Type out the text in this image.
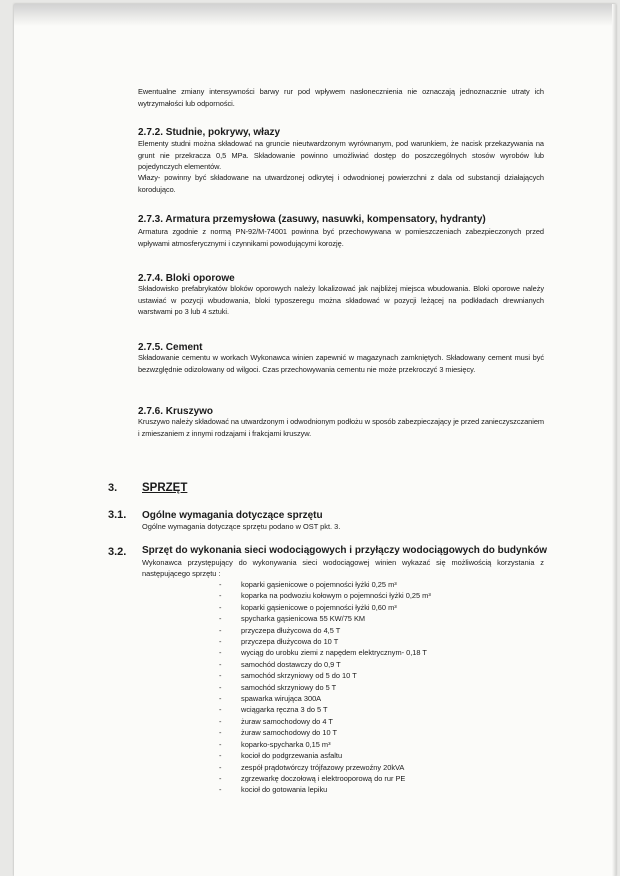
Ewentualne zmiany intensywności barwy rur pod wpływem nasłonecznienia nie oznaczają jednoznacznie utraty ich wytrzymałości lub odporności.

2.7.2. Studnie, pokrywy, włazy

Elementy studni można składować na gruncie nieutwardzonym wyrównanym, pod warunkiem, że nacisk przekazywania na grunt nie przekracza 0,5 MPa. Składowanie powinno umożliwiać dostęp do poszczególnych stosów wyrobów lub pojedynczych elementów.

Włazy- powinny być składowane na utwardzonej odkrytej i odwodnionej powierzchni z dala od substancji działających korodująco.

2.7.3. Armatura przemysłowa (zasuwy, nasuwki, kompensatory, hydranty)

Armatura zgodnie z normą PN-92/M-74001 powinna być przechowywana w pomieszczeniach zabezpieczonych przed wpływami atmosferycznymi i czynnikami powodującymi korozję.

2.7.4. Bloki oporowe

Składowisko prefabrykatów bloków oporowych należy lokalizować jak najbliżej miejsca wbudowania. Bloki oporowe należy ustawiać w pozycji wbudowania, bloki typoszeregu można składować w pozycji leżącej na podkładach drewnianych warstwami po 3 lub 4 sztuki.

2.7.5. Cement

Składowanie cementu w workach Wykonawca winien zapewnić w magazynach zamkniętych. Składowany cement musi być bezwzględnie odizolowany od wilgoci. Czas przechowywania cementu nie może przekroczyć 3 miesięcy.

2.7.6. Kruszywo

Kruszywo należy składować na utwardzonym i odwodnionym podłożu w sposób zabezpieczający je przed zanieczyszczaniem i zmieszaniem z innymi rodzajami i frakcjami kruszyw.

3. SPRZĘT
3.1. Ogólne wymagania dotyczące sprzętu

Ogólne wymagania dotyczące sprzętu podano w OST pkt. 3.

3.2. Sprzęt do wykonania sieci wodociągowych i przyłączy wodociągowych do budynków

Wykonawca przystępujący do wykonywania sieci wodociągowej winien wykazać się możliwością korzystania z następującego sprzętu :

-	koparki gąsienicowe o pojemności łyżki 0,25 m³
-	koparka na podwoziu kołowym o pojemności łyżki 0,25 m³
-	koparki gąsienicowe o pojemności łyżki 0,60 m³
-	spycharka gąsienicowa 55 KW/75 KM
-	przyczepa dłużycowa do 4,5 T
-	przyczepa dłużycowa do 10 T
-	wyciąg do urobku ziemi z napędem elektrycznym- 0,18 T
-	samochód dostawczy do 0,9 T
-	samochód skrzyniowy od 5 do 10 T
-	samochód skrzyniowy do 5 T
-	spawarka wirująca 300A
-	wciągarka ręczna 3 do 5 T
-	żuraw samochodowy do 4 T
-	żuraw samochodowy do 10 T
-	koparko-spycharka 0,15 m³
-	kocioł do podgrzewania asfaltu
-	zespół prądotwórczy trójfazowy przewoźny 20kVA
-	zgrzewarkę doczołową i elektrooporową do rur PE
-	kocioł do gotowania lepiku
